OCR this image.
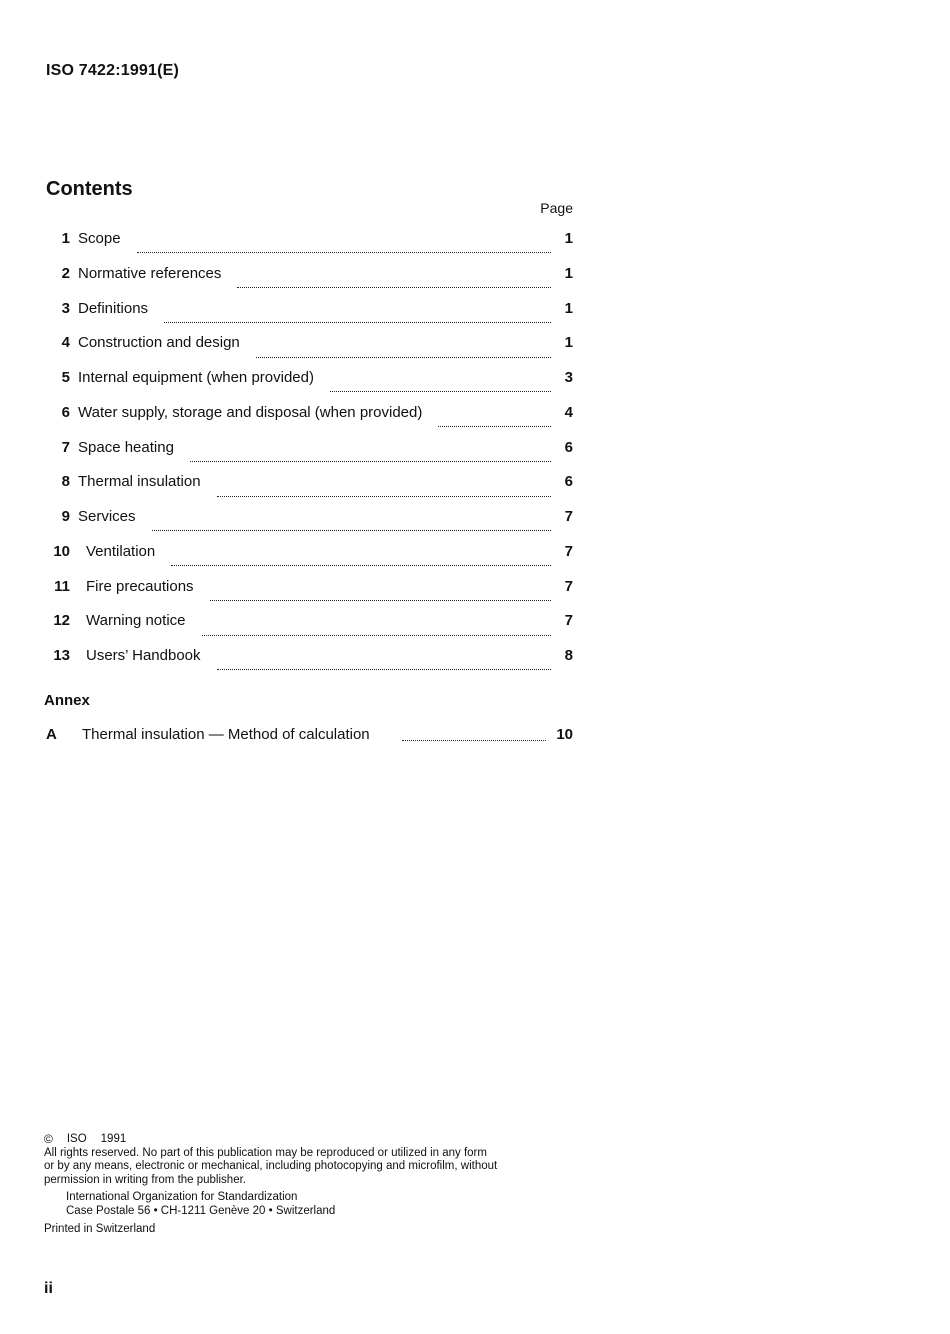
ISO 7422:1991(E)
Contents
Page
1 Scope	1
2 Normative references	1
3 Definitions	1
4 Construction and design	1
5 Internal equipment (when provided)	3
6 Water supply, storage and disposal (when provided)	4
7 Space heating	6
8 Thermal insulation	6
9 Services	7
10 Ventilation	7
11 Fire precautions	7
12 Warning notice	7
13 Users’ Handbook	8
Annex
A	Thermal insulation — Method of calculation	10
© ISO 1991
All rights reserved. No part of this publication may be reproduced or utilized in any form
or by any means, electronic or mechanical, including photocopying and microfilm, without
permission in writing from the publisher.
International Organization for Standardization
Case Postale 56 • CH-1211 Genève 20 • Switzerland
Printed in Switzerland
ii
